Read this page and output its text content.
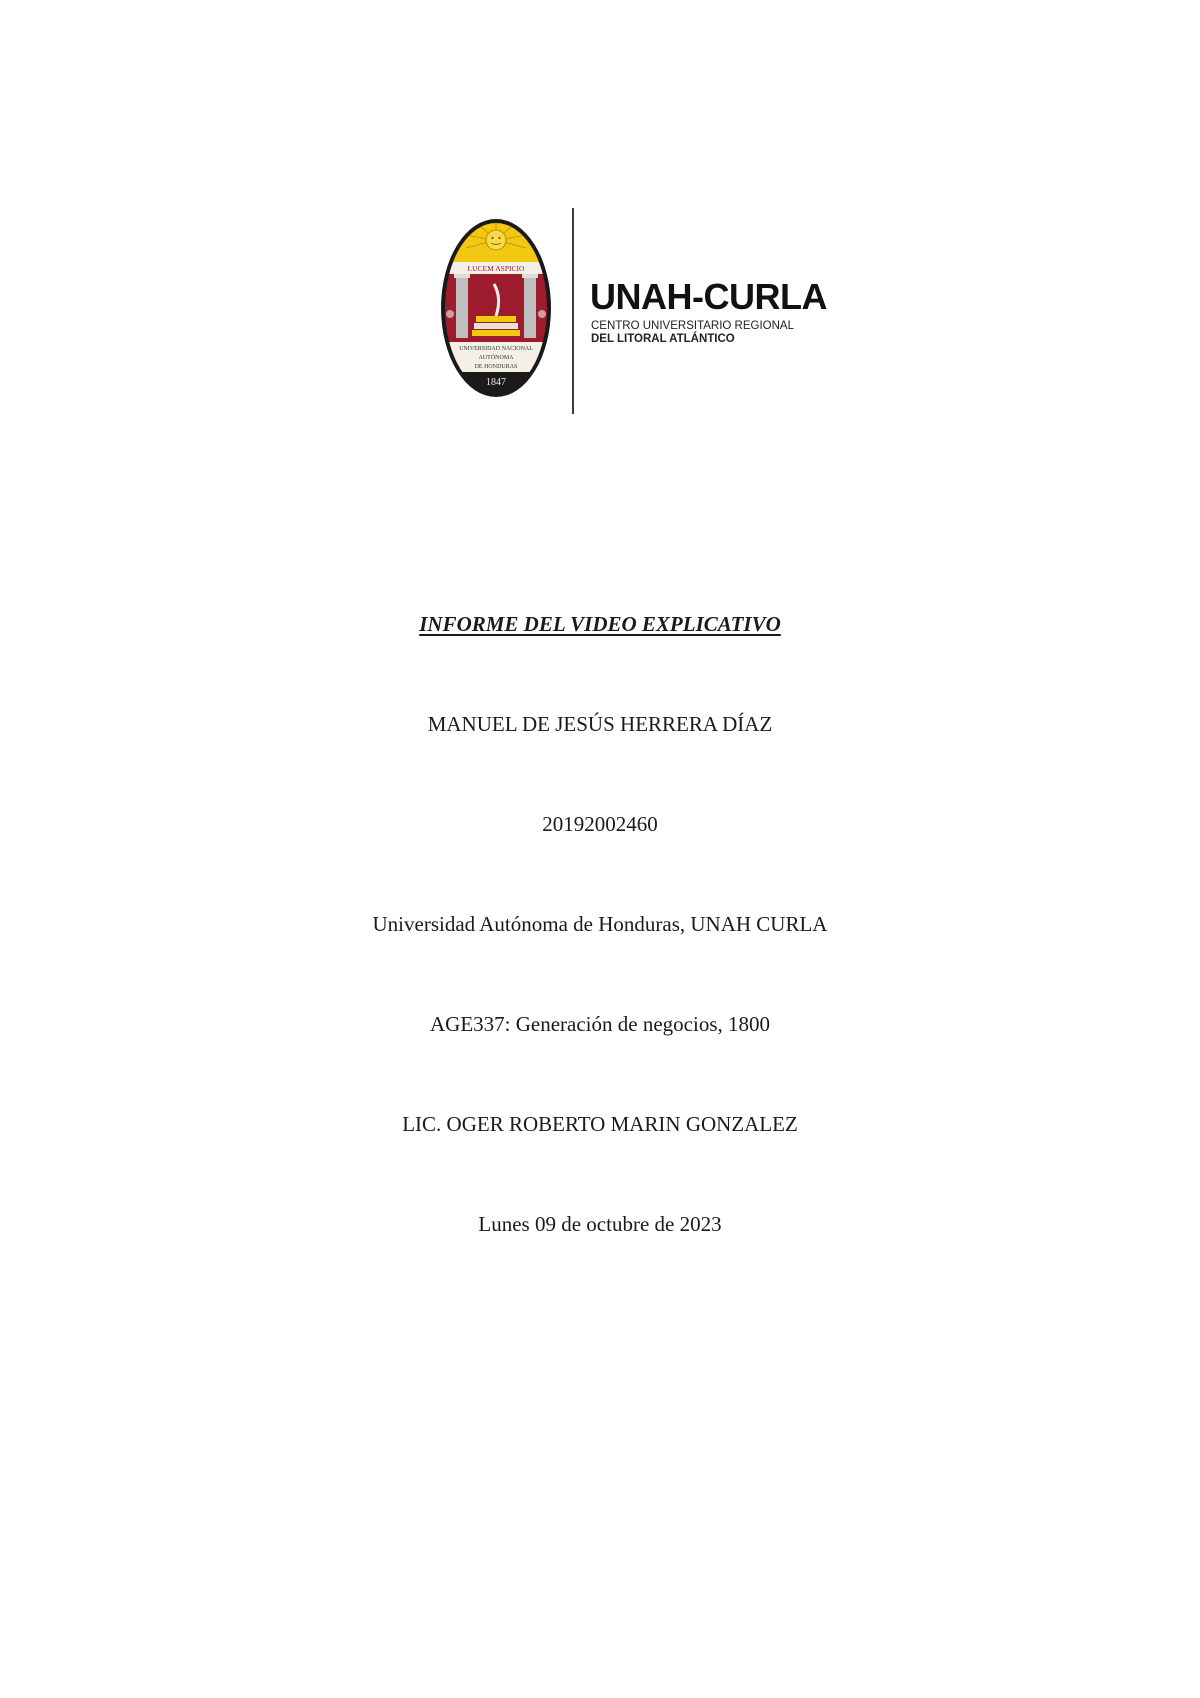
LUCEM ASPICIO
UNIVERSIDAD NACIONAL
AUTÓNOMA
DE HONDURAS
1847
UNAH-CURLA
CENTRO UNIVERSITARIO REGIONAL
DEL LITORAL ATLÁNTICO
INFORME DEL VIDEO EXPLICATIVO
MANUEL DE JESÚS HERRERA DÍAZ
20192002460
Universidad Autónoma de Honduras, UNAH CURLA
AGE337: Generación de negocios, 1800
LIC. OGER ROBERTO MARIN GONZALEZ
Lunes 09 de octubre de 2023
